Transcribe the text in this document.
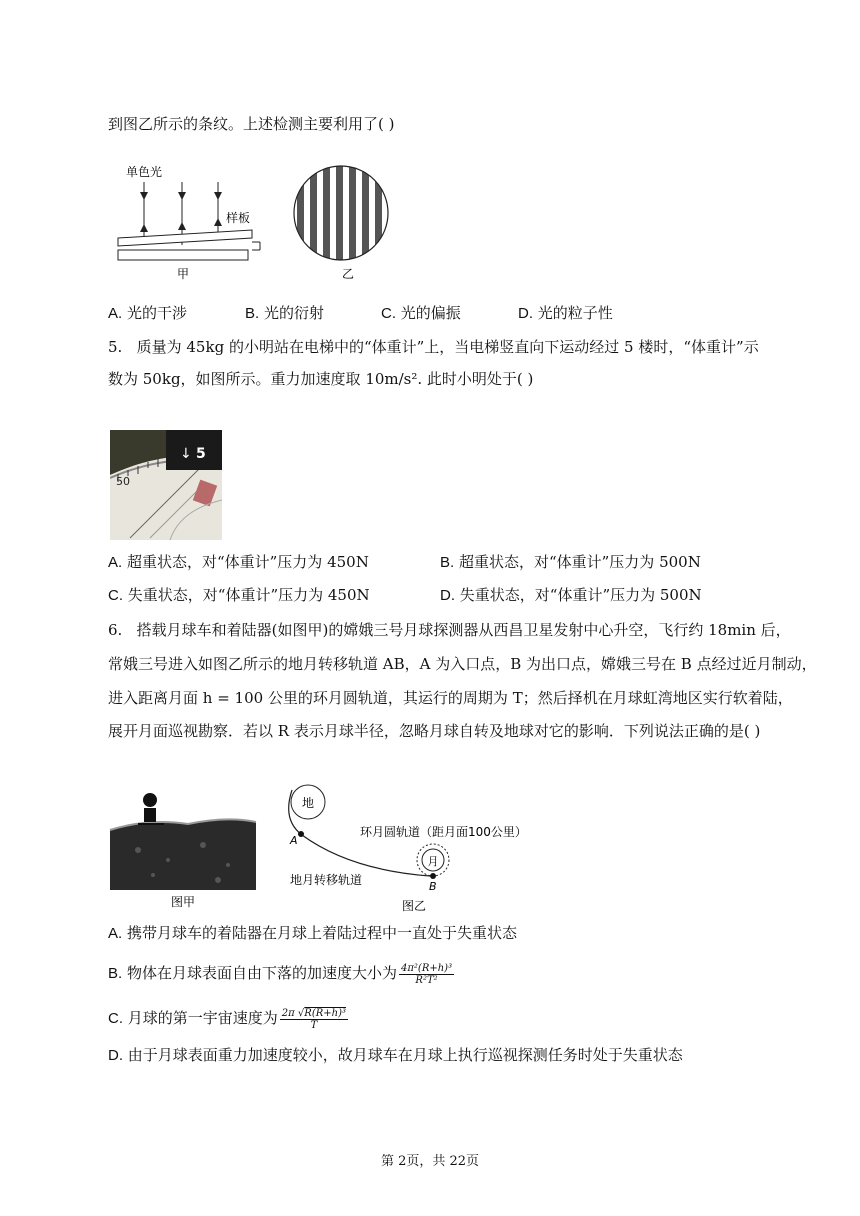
到图乙所示的条纹。上述检测主要利用了( )
单色光
样板
甲	乙
A. 光的干涉	B. 光的衍射	C. 光的偏振	D. 光的粒子性
5. 质量为 45kg 的小明站在电梯中的“体重计”上，当电梯竖直向下运动经过 5 楼时，“体重计”示
数为 50kg，如图所示。重力加速度取 10m/s². 此时小明处于( )
50
↓ 5
A. 超重状态，对“体重计”压力为 450N	B. 超重状态，对“体重计”压力为 500N
C. 失重状态，对“体重计”压力为 450N	D. 失重状态，对“体重计”压力为 500N
6. 搭载月球车和着陆器(如图甲)的嫦娥三号月球探测器从西昌卫星发射中心升空，飞行约 18min 后，
常娥三号进入如图乙所示的地月转移轨道 AB，A 为入口点，B 为出口点，嫦娥三号在 B 点经过近月制动，
进入距离月面 h = 100 公里的环月圆轨道，其运行的周期为 T；然后择机在月球虹湾地区实行软着陆，
展开月面巡视勘察．若以 R 表示月球半径，忽略月球自转及地球对它的影响．下列说法正确的是( )
图甲
地
A
月
B
环月圆轨道（距月面100公里）
地月转移轨道
图乙
A. 携带月球车的着陆器在月球上着陆过程中一直处于失重状态
B. 物体在月球表面自由下落的加速度大小为 $\frac{\text{4π²(R+h)³}}{\text{R²T²}}$
C. 月球的第一宇宙速度为 $\frac{\text{2π √R(R+h)³}}{T}$
D. 由于月球表面重力加速度较小，故月球车在月球上执行巡视探测任务时处于失重状态
第 2页，共 22页
